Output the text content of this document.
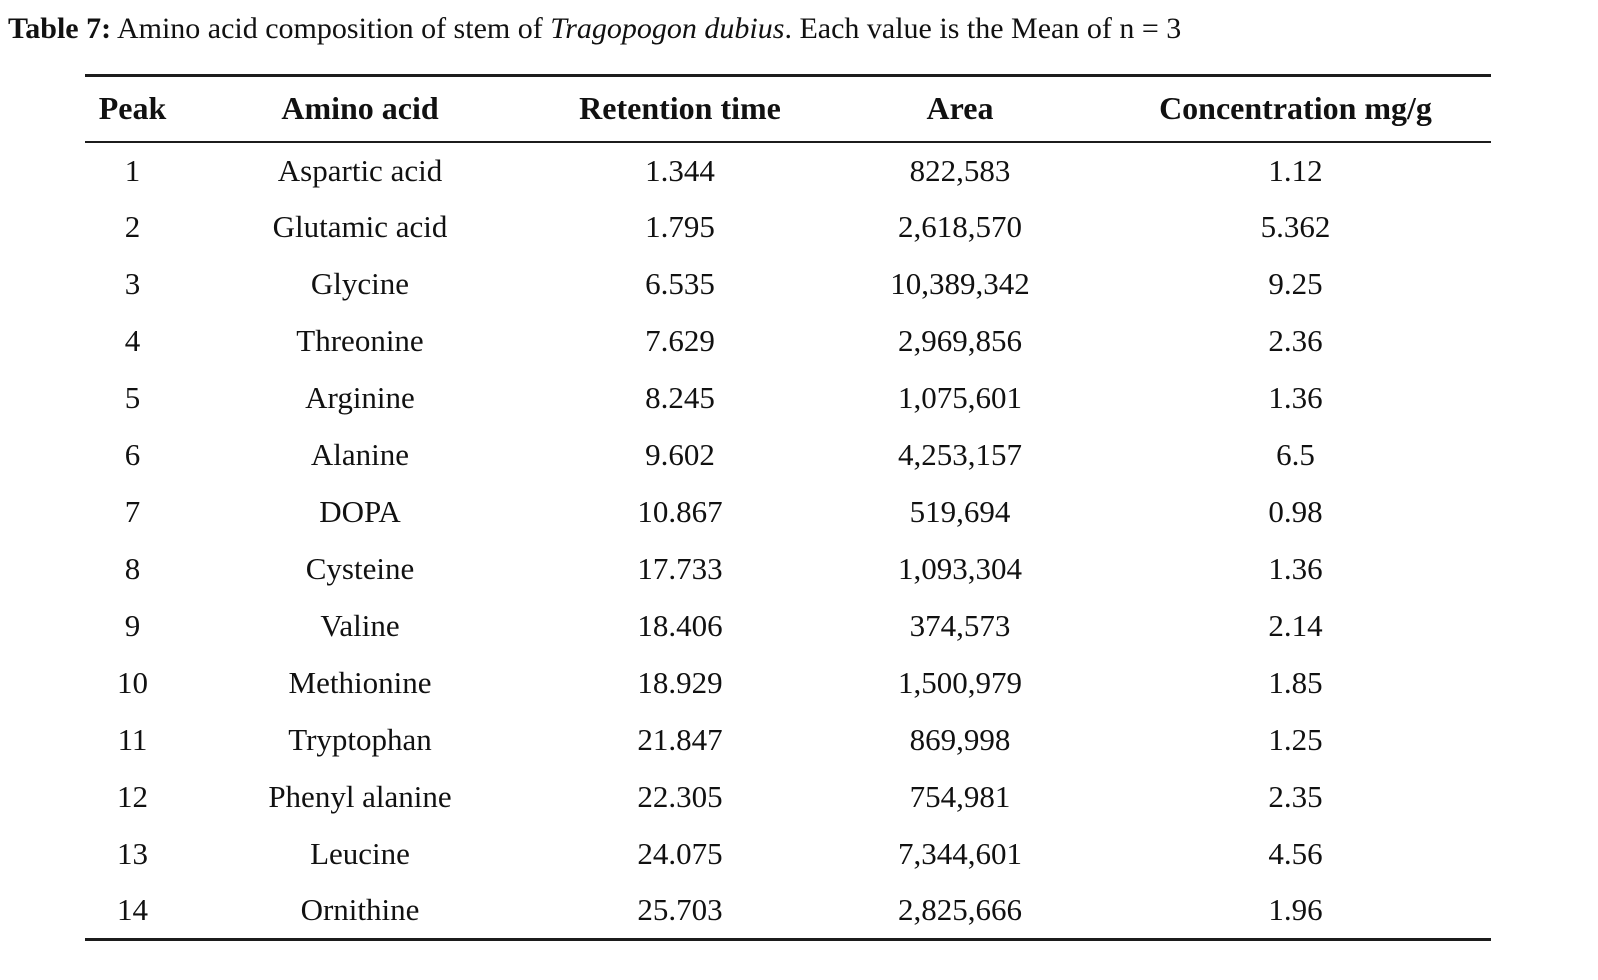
Table 7: Amino acid composition of stem of Tragopogon dubius. Each value is the Mean of n = 3

Peak	Amino acid	Retention time	Area	Concentration mg/g
1	Aspartic acid	1.344	822,583	1.12
2	Glutamic acid	1.795	2,618,570	5.362
3	Glycine	6.535	10,389,342	9.25
4	Threonine	7.629	2,969,856	2.36
5	Arginine	8.245	1,075,601	1.36
6	Alanine	9.602	4,253,157	6.5
7	DOPA	10.867	519,694	0.98
8	Cysteine	17.733	1,093,304	1.36
9	Valine	18.406	374,573	2.14
10	Methionine	18.929	1,500,979	1.85
11	Tryptophan	21.847	869,998	1.25
12	Phenyl alanine	22.305	754,981	2.35
13	Leucine	24.075	7,344,601	4.56
14	Ornithine	25.703	2,825,666	1.96
